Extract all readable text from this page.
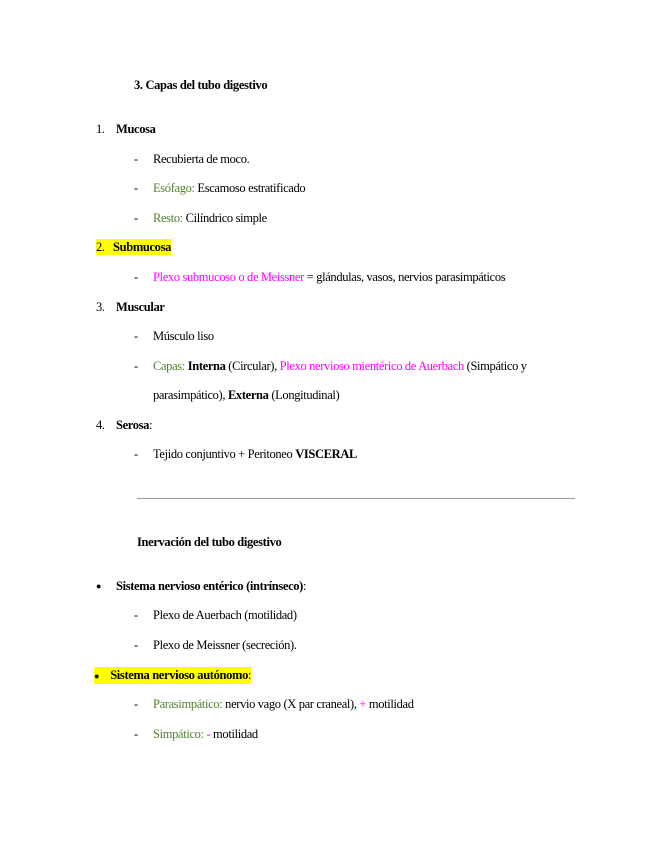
3. Capas del tubo digestivo
1. Mucosa
- Recubierta de moco.
- Esófago: Escamoso estratificado
- Resto: Cilíndrico simple
2. Submucosa
- Plexo submucoso o de Meissner = glándulas, vasos, nervios parasimpáticos
3. Muscular
- Músculo liso
- Capas: Interna (Circular), Plexo nervioso mientérico de Auerbach (Simpático y
parasimpático), Externa (Longitudinal)
4. Serosa:
- Tejido conjuntivo + Peritoneo VISCERAL
Inervación del tubo digestivo
● Sistema nervioso entérico (intrínseco):
- Plexo de Auerbach (motilidad)
- Plexo de Meissner (secreción).
● Sistema nervioso autónomo:
- Parasimpático: nervio vago (X par craneal), + motilidad
- Simpático: - motilidad
